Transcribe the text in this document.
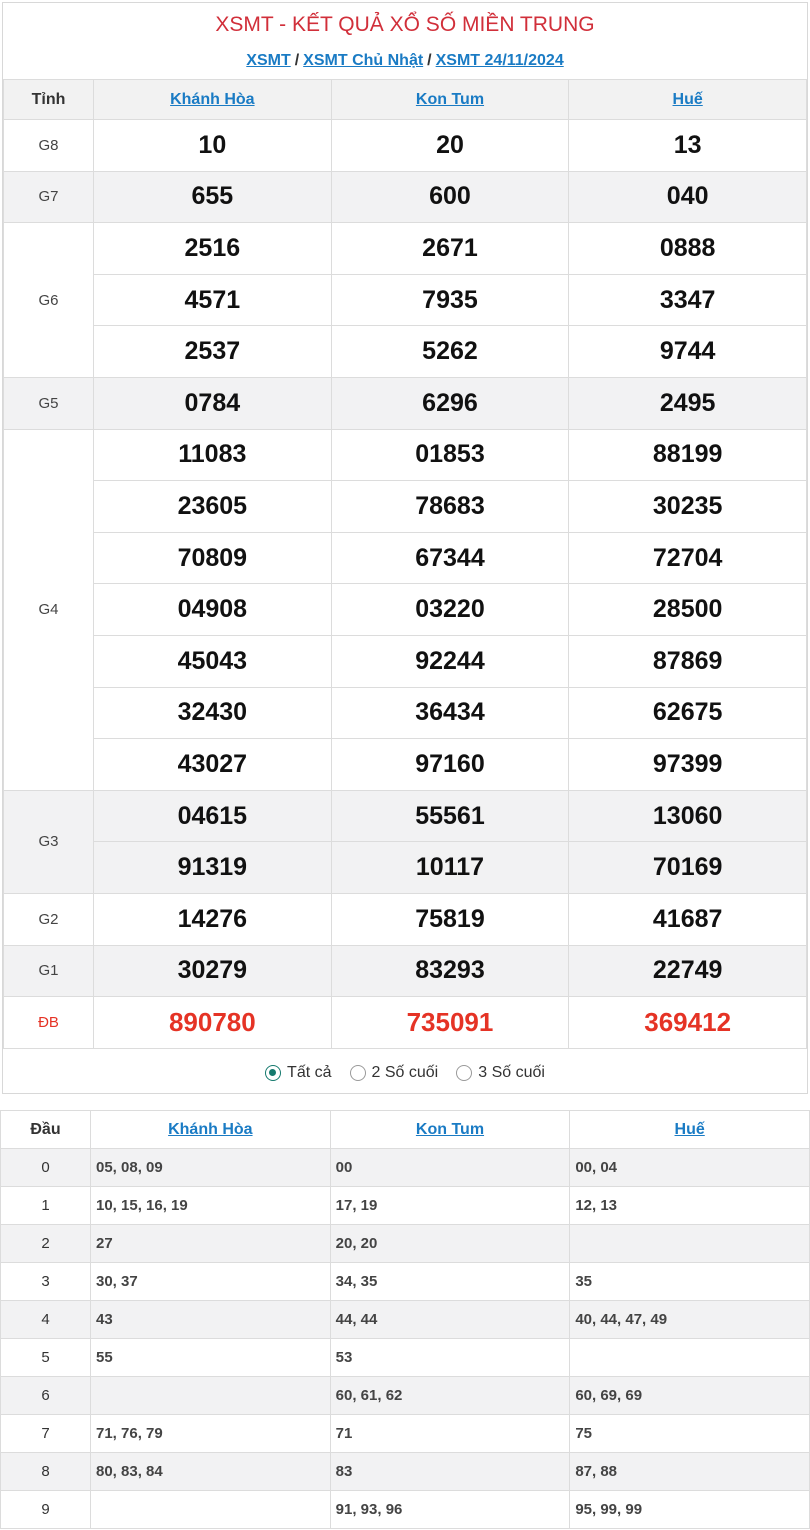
XSMT - KẾT QUẢ XỔ SỐ MIỀN TRUNG
XSMT / XSMT Chủ Nhật / XSMT 24/11/2024
Tỉnh	Khánh Hòa	Kon Tum	Huế
G8	10	20	13
G7	655	600	040
G6	2516	2671	0888
	4571	7935	3347
	2537	5262	9744
G5	0784	6296	2495
G4	11083	01853	88199
	23605	78683	30235
	70809	67344	72704
	04908	03220	28500
	45043	92244	87869
	32430	36434	62675
	43027	97160	97399
G3	04615	55561	13060
	91319	10117	70169
G2	14276	75819	41687
G1	30279	83293	22749
ĐB	890780	735091	369412
Tất cả	2 Số cuối	3 Số cuối
Đầu	Khánh Hòa	Kon Tum	Huế
0	05, 08, 09	00	00, 04
1	10, 15, 16, 19	17, 19	12, 13
2	27	20, 20	
3	30, 37	34, 35	35
4	43	44, 44	40, 44, 47, 49
5	55	53	
6		60, 61, 62	60, 69, 69
7	71, 76, 79	71	75
8	80, 83, 84	83	87, 88
9		91, 93, 96	95, 99, 99
